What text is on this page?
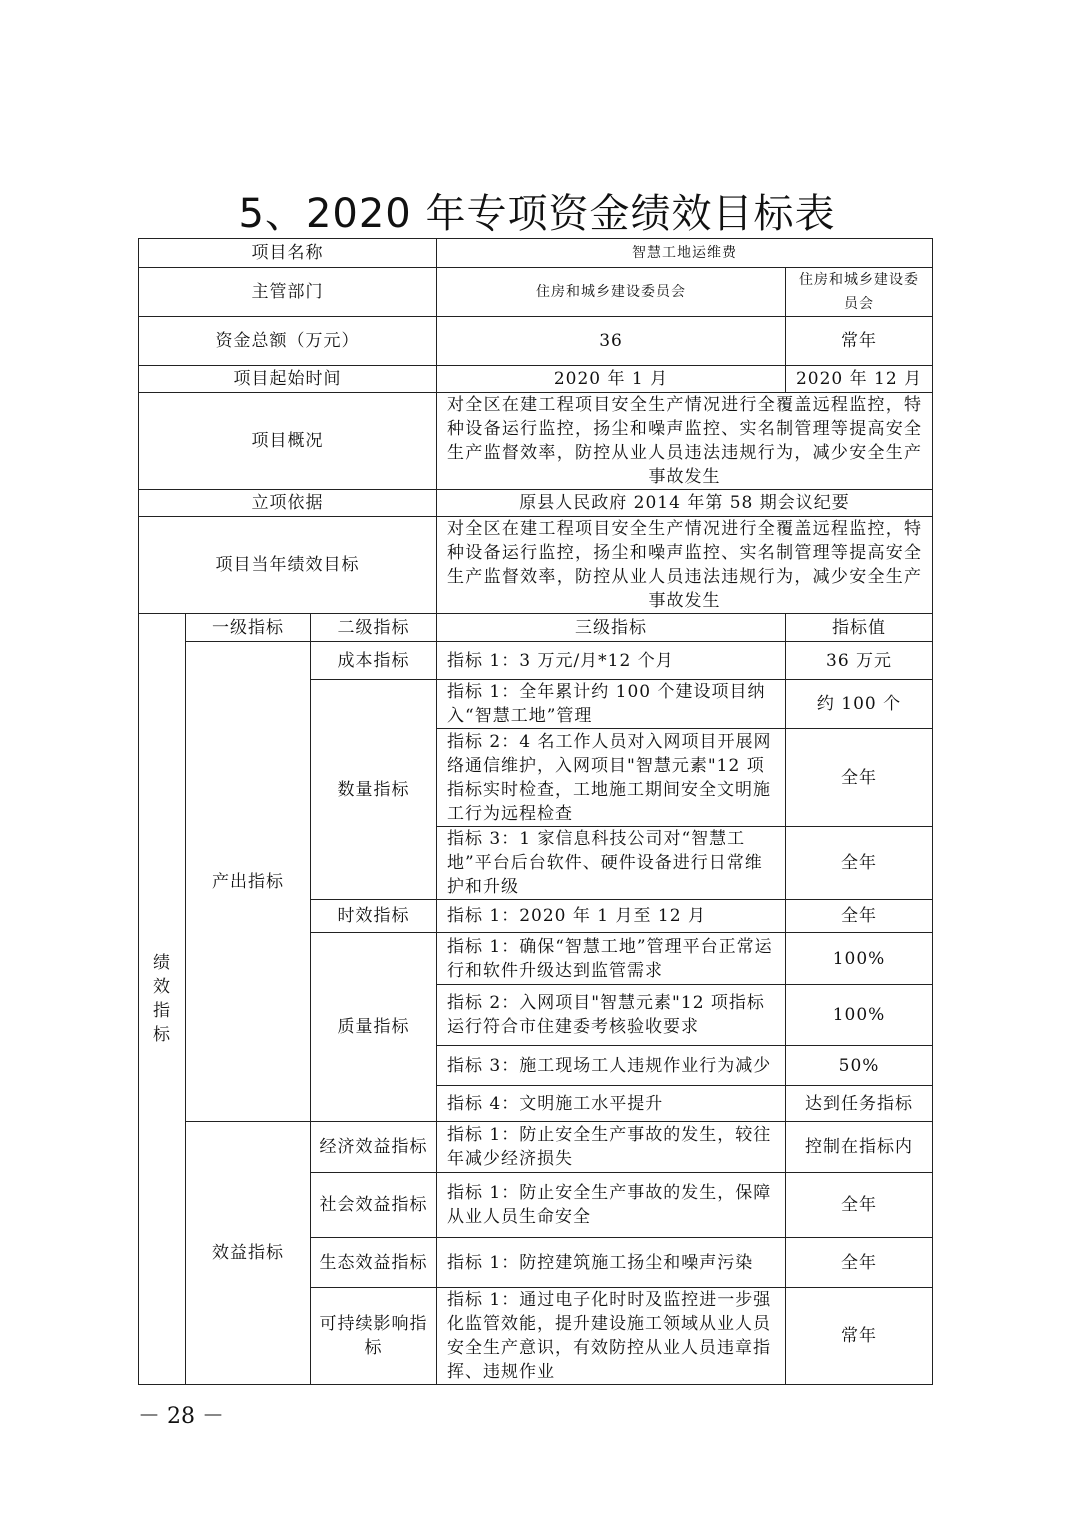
5、2020 年专项资金绩效目标表
项目名称			智慧工地运维费	
主管部门			住房和城乡建设委员会	住房和城乡建设委员会
资金总额（万元）			36	常年
项目起始时间			2020 年 1 月	2020 年 12 月
项目概况			对全区在建工程项目安全生产情况进行全覆盖远程监控，特种设备运行监控，扬尘和噪声监控、实名制管理等提高安全生产监督效率，防控从业人员违法违规行为，减少安全生产事故发生	
立项依据			原县人民政府 2014 年第 58 期会议纪要	
项目当年绩效目标			对全区在建工程项目安全生产情况进行全覆盖远程监控，特种设备运行监控，扬尘和噪声监控、实名制管理等提高安全生产监督效率，防控从业人员违法违规行为，减少安全生产事故发生	
绩效指标	一级指标	二级指标	三级指标	指标值
	产出指标	成本指标	指标 1：3 万元/月*12 个月	36 万元
		数量指标	指标 1：全年累计约 100 个建设项目纳入“智慧工地”管理	约 100 个
			指标 2：4 名工作人员对入网项目开展网络通信维护，入网项目"智慧元素"12 项指标实时检查，工地施工期间安全文明施工行为远程检查	全年
			指标 3：1 家信息科技公司对“智慧工地”平台后台软件、硬件设备进行日常维护和升级	全年
		时效指标	指标 1：2020 年 1 月至 12 月	全年
		质量指标	指标 1：确保“智慧工地”管理平台正常运行和软件升级达到监管需求	100%
			指标 2：入网项目"智慧元素"12 项指标运行符合市住建委考核验收要求	100%
			指标 3：施工现场工人违规作业行为减少	50%
			指标 4：文明施工水平提升	达到任务指标
	效益指标	经济效益指标	指标 1：防止安全生产事故的发生，较往年减少经济损失	控制在指标内
		社会效益指标	指标 1：防止安全生产事故的发生，保障从业人员生命安全	全年
		生态效益指标	指标 1：防控建筑施工扬尘和噪声污染	全年
		可持续影响指标	指标 1：通过电子化时时及监控进一步强化监管效能，提升建设施工领域从业人员安全生产意识，有效防控从业人员违章指挥、违规作业	常年
－ 28 －
